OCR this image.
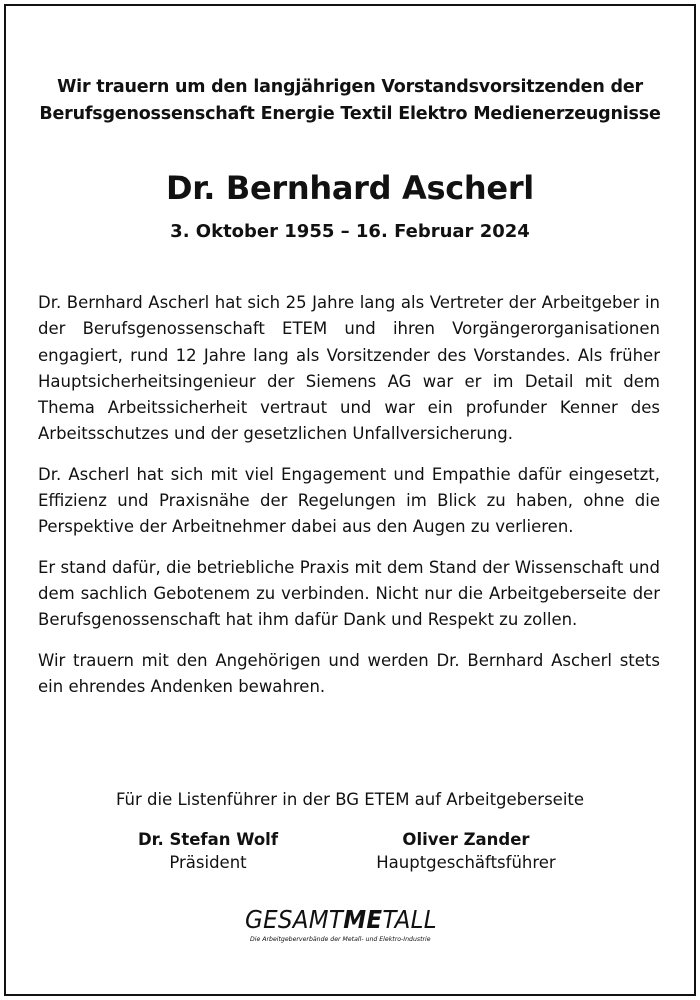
Wir trauern um den langjährigen Vorstandsvorsitzenden der
Berufsgenossenschaft Energie Textil Elektro Medienerzeugnisse
Dr. Bernhard Ascherl
3. Oktober 1955 – 16. Februar 2024

Dr. Bernhard Ascherl hat sich 25 Jahre lang als Vertreter der Arbeitgeber in der Berufsgenossenschaft ETEM und ihren Vorgängerorganisationen engagiert, rund 12 Jahre lang als Vorsitzender des Vorstandes. Als früher Hauptsicherheitsingenieur der Siemens AG war er im Detail mit dem Thema Arbeitssicherheit vertraut und war ein profunder Kenner des Arbeitsschutzes und der gesetzlichen Unfallversicherung.

Dr. Ascherl hat sich mit viel Engagement und Empathie dafür eingesetzt, Effizienz und Praxisnähe der Regelungen im Blick zu haben, ohne die Perspektive der Arbeitnehmer dabei aus den Augen zu verlieren.

Er stand dafür, die betriebliche Praxis mit dem Stand der Wissenschaft und dem sachlich Gebotenem zu verbinden. Nicht nur die Arbeitgeberseite der Berufsgenossenschaft hat ihm dafür Dank und Respekt zu zollen.

Wir trauern mit den Angehörigen und werden Dr. Bernhard Ascherl stets ein ehrendes Andenken bewahren.

Für die Listenführer in der BG ETEM auf Arbeitgeberseite
Dr. Stefan Wolf
Präsident
Oliver Zander
Hauptgeschäftsführer
GESAMTMETALL
Die Arbeitgeberverbände der Metall- und Elektro-Industrie
